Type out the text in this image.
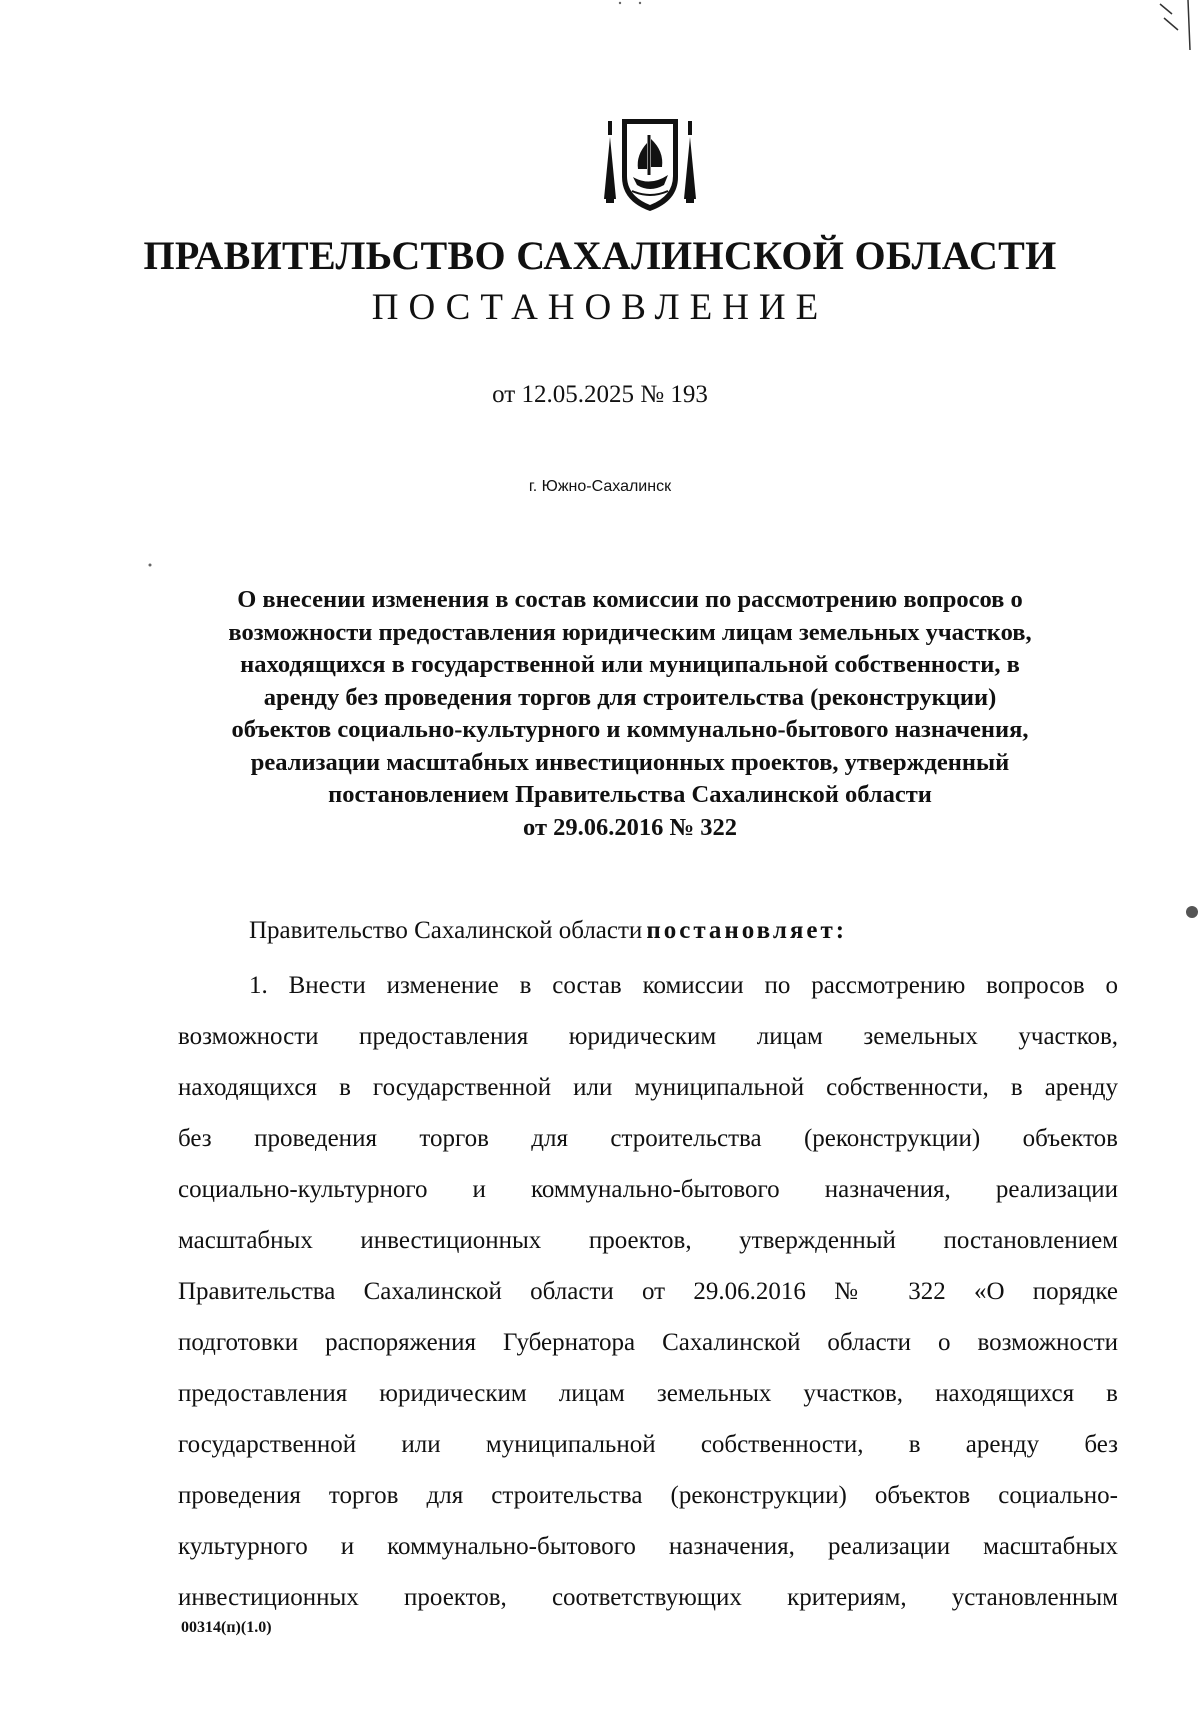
ПРАВИТЕЛЬСТВО САХАЛИНСКОЙ ОБЛАСТИ
ПОСТАНОВЛЕНИЕ
от 12.05.2025 № 193
г. Южно-Сахалинск
О внесении изменения в состав комиссии по рассмотрению вопросов о
возможности предоставления юридическим лицам земельных участков,
находящихся в государственной или муниципальной собственности, в
аренду без проведения торгов для строительства (реконструкции)
объектов социально-культурного и коммунально-бытового назначения,
реализации масштабных инвестиционных проектов, утвержденный
постановлением Правительства Сахалинской области
от 29.06.2016 № 322
Правительство Сахалинской области постановляет:
1. Внести изменение в состав комиссии по рассмотрению вопросов о
возможности предоставления юридическим лицам земельных участков,
находящихся в государственной или муниципальной собственности, в аренду
без проведения торгов для строительства (реконструкции) объектов
социально-культурного и коммунально-бытового назначения, реализации
масштабных инвестиционных проектов, утвержденный постановлением
Правительства Сахалинской области от 29.06.2016 № 322 «О порядке
подготовки распоряжения Губернатора Сахалинской области о возможности
предоставления юридическим лицам земельных участков, находящихся в
государственной или муниципальной собственности, в аренду без
проведения торгов для строительства (реконструкции) объектов социально-
культурного и коммунально-бытового назначения, реализации масштабных
инвестиционных проектов, соответствующих критериям, установленным
00314(п)(1.0)
